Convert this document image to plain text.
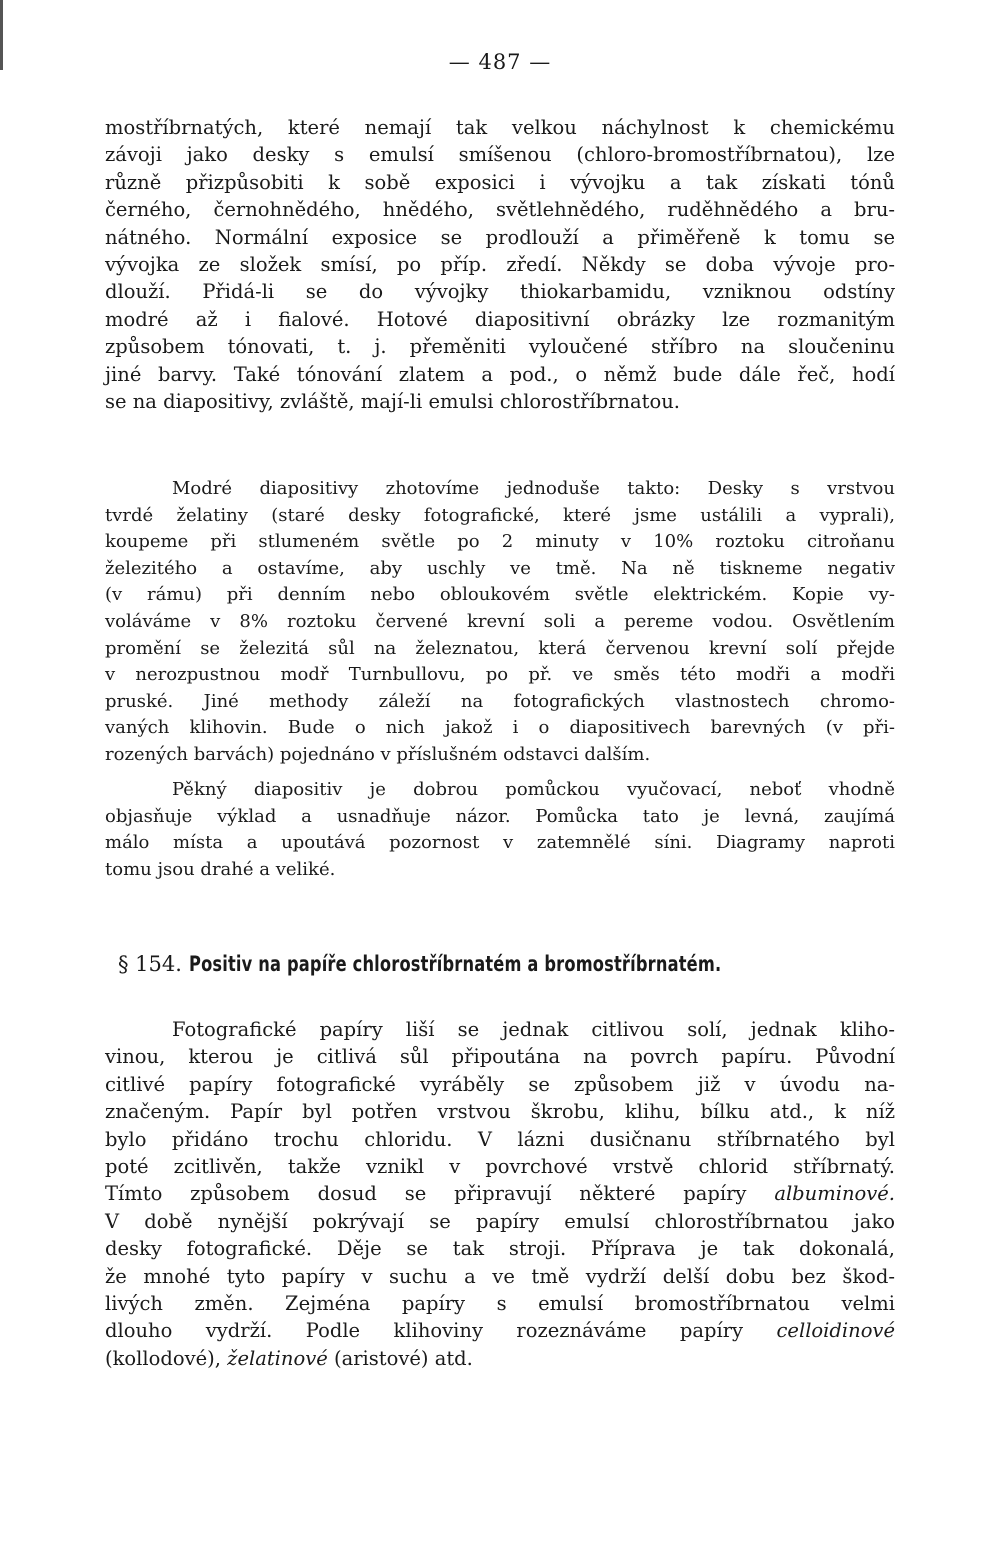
— 487 —

mostříbrnatých, které nemají tak velkou náchylnost k chemickému

závoji jako desky s emulsí smíšenou (chloro-bromostříbrnatou), lze

různě přizpůsobiti k sobě exposici i vývojku a tak získati tónů

černého, černohnědého, hnědého, světlehnědého, ruděhnědého a bru-

nátného. Normální exposice se prodlouží a přiměřeně k tomu se

vývojka ze složek smísí, po příp. zředí. Někdy se doba vývoje pro-

dlouží. Přidá-li se do vývojky thiokarbamidu, vzniknou odstíny

modré až i fialové. Hotové diapositivní obrázky lze rozmanitým

způsobem tónovati, t. j. přeměniti vyloučené stříbro na sloučeninu

jiné barvy. Také tónování zlatem a pod., o němž bude dále řeč, hodí

se na diapositivy, zvláště, mají-li emulsi chlorostříbrnatou.

Modré diapositivy zhotovíme jednoduše takto: Desky s vrstvou

tvrdé želatiny (staré desky fotografické, které jsme ustálili a vyprali),

koupeme při stlumeném světle po 2 minuty v 10% roztoku citroňanu

železitého a ostavíme, aby uschly ve tmě. Na ně tiskneme negativ

(v rámu) při denním nebo obloukovém světle elektrickém. Kopie vy-

voláváme v 8% roztoku červené krevní soli a pereme vodou. Osvětlením

promění se železitá sůl na železnatou, která červenou krevní solí přejde

v nerozpustnou modř Turnbullovu, po př. ve směs této modři a modři

pruské. Jiné methody záleží na fotografických vlastnostech chromo-

vaných klihovin. Bude o nich jakož i o diapositivech barevných (v při-

rozených barvách) pojednáno v příslušném odstavci dalším.

Pěkný diapositiv je dobrou pomůckou vyučovací, neboť vhodně

objasňuje výklad a usnadňuje názor. Pomůcka tato je levná, zaujímá

málo místa a upoutává pozornost v zatemnělé síni. Diagramy naproti

tomu jsou drahé a veliké.

§ 154. Positiv na papíře chlorostříbrnatém a bromostříbrnatém.

Fotografické papíry liší se jednak citlivou solí, jednak kliho-

vinou, kterou je citlivá sůl připoutána na povrch papíru. Původní

citlivé papíry fotografické vyráběly se způsobem již v úvodu na-

značeným. Papír byl potřen vrstvou škrobu, klihu, bílku atd., k níž

bylo přidáno trochu chloridu. V lázni dusičnanu stříbrnatého byl

poté zcitlivěn, takže vznikl v povrchové vrstvě chlorid stříbrnatý.

Tímto způsobem dosud se připravují některé papíry albuminové.

V době nynější pokrývají se papíry emulsí chlorostříbrnatou jako

desky fotografické. Děje se tak stroji. Příprava je tak dokonalá,

že mnohé tyto papíry v suchu a ve tmě vydrží delší dobu bez škod-

livých změn. Zejména papíry s emulsí bromostříbrnatou velmi

dlouho vydrží. Podle klihoviny rozeznáváme papíry celloidinové

(kollodové), želatinové (aristové) atd.
